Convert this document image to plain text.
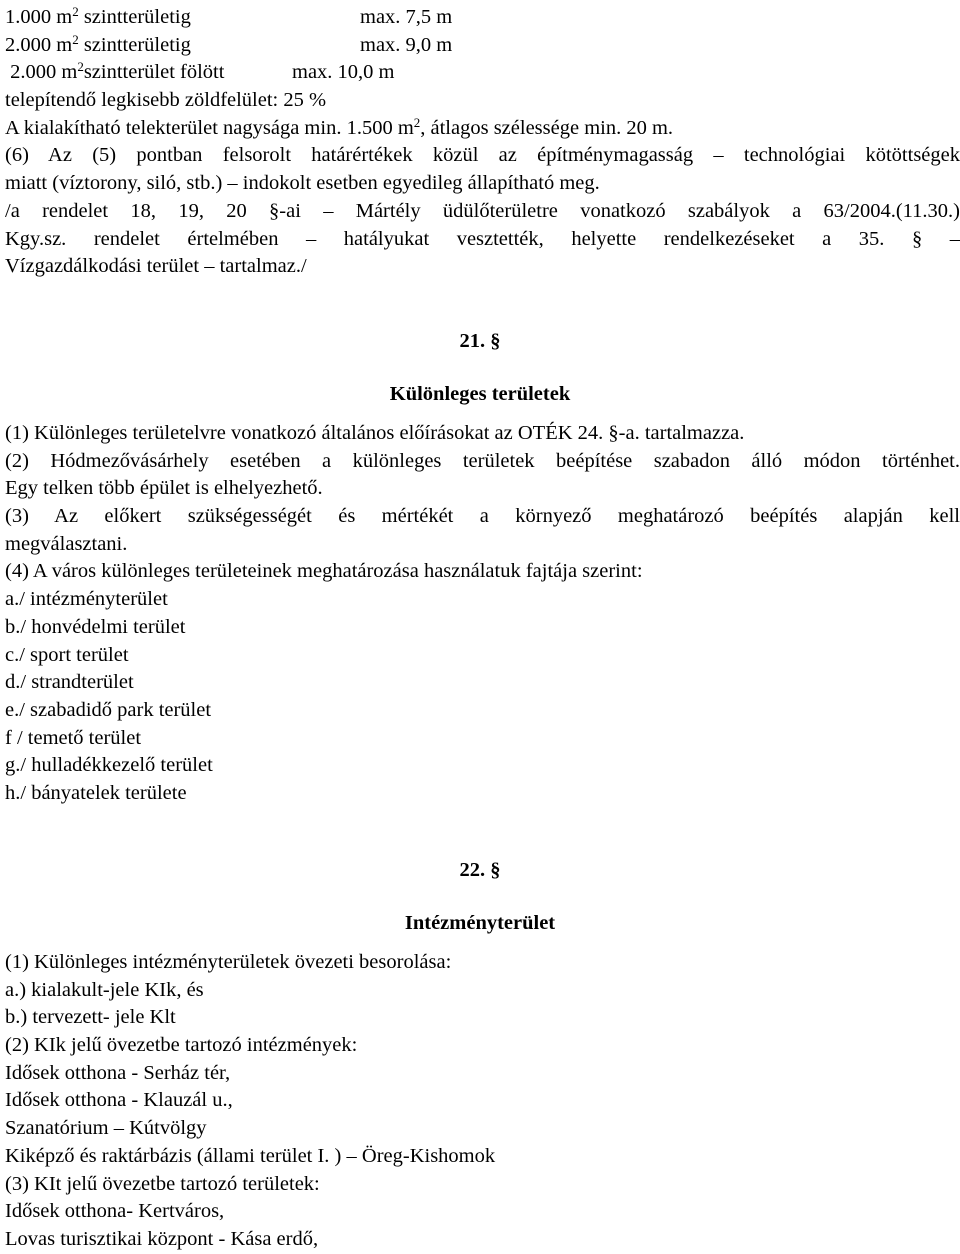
1.000 $m^2$ szintterületig	max. 7,5 m
2.000 $m^2$ szintterületig	max. 9,0 m
2.000 $m^2szintterület$ fölött	max. 10,0 m
telepítendő legkisebb zöldfelület: 25 %
A kialakítható telekterület nagysága min. 1.500 $m^2$, átlagos szélessége min. 20 m.
(6) Az (5) pontban felsorolt határértékek közül az építménymagasság – technológiai kötöttségek
miatt (víztorony, siló, stb.) – indokolt esetben egyedileg állapítható meg.
/a rendelet 18, 19, 20 §-ai – Mártély üdülőterületre vonatkozó szabályok a 63/2004.(11.30.)
Kgy.sz. rendelet értelmében – hatályukat vesztették, helyette rendelkezéseket a 35. § –
Vízgazdálkodási terület – tartalmaz./
21. §
Különleges területek
(1) Különleges területelvre vonatkozó általános előírásokat az OTÉK 24. §-a. tartalmazza.
(2) Hódmezővásárhely esetében a különleges területek beépítése szabadon álló módon történhet.
Egy telken több épület is elhelyezhető.
(3) Az előkert szükségességét és mértékét a környező meghatározó beépítés alapján kell
megválasztani.
(4) A város különleges területeinek meghatározása használatuk fajtája szerint:
a./ intézményterület
b./ honvédelmi terület
c./ sport terület
d./ strandterület
e./ szabadidő park terület
f / temető terület
g./ hulladékkezelő terület
h./ bányatelek területe
22. §
Intézményterület
(1) Különleges intézményterületek övezeti besorolása:
a.) kialakult-jele KIk, és
b.) tervezett- jele Klt
(2) KIk jelű övezetbe tartozó intézmények:
Idősek otthona - Serház tér,
Idősek otthona - Klauzál u.,
Szanatórium – Kútvölgy
Kiképző és raktárbázis (állami terület I. ) – Öreg-Kishomok
(3) KIt jelű övezetbe tartozó területek:
Idősek otthona- Kertváros,
Lovas turisztikai központ - Kása erdő,
